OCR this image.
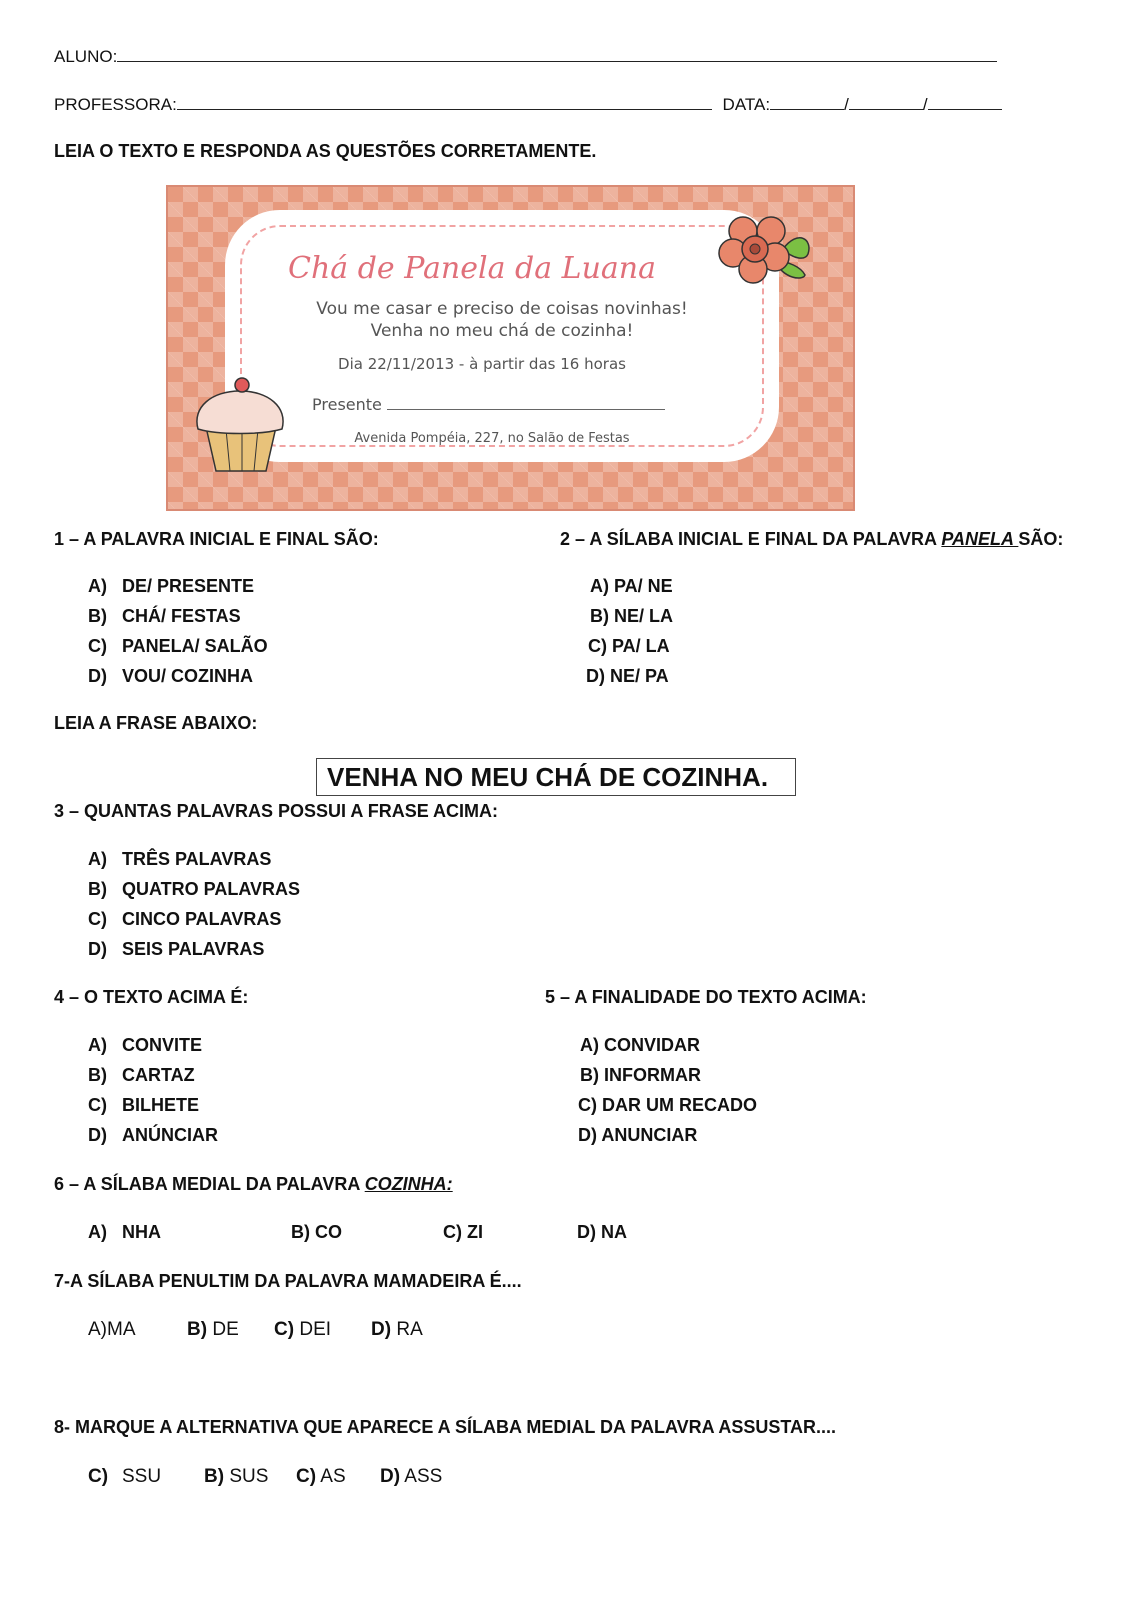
ALUNO:
PROFESSORA:	DATA:	/	/
LEIA O TEXTO E RESPONDA AS QUESTÕES CORRETAMENTE.
Chá de Panela da Luana
Vou me casar e preciso de coisas novinhas!
Venha no meu chá de cozinha!
Dia 22/11/2013 - à partir das 16 horas
Presente
Avenida Pompéia, 227, no Salão de Festas
1 – A PALAVRA INICIAL E FINAL SÃO:
A) DE/ PRESENTE
B) CHÁ/ FESTAS
C) PANELA/ SALÃO
D) VOU/ COZINHA
2 – A SÍLABA INICIAL E FINAL DA PALAVRA PANELA SÃO:
A) PA/ NE
B) NE/ LA
C) PA/ LA
D) NE/ PA
LEIA A FRASE ABAIXO:
VENHA NO MEU CHÁ DE COZINHA.
3 – QUANTAS PALAVRAS POSSUI A FRASE ACIMA:
A) TRÊS PALAVRAS
B) QUATRO PALAVRAS
C) CINCO PALAVRAS
D) SEIS PALAVRAS
4 – O TEXTO ACIMA É:
A) CONVITE
B) CARTAZ
C) BILHETE
D) ANÚNCIAR
5 – A FINALIDADE DO TEXTO ACIMA:
A) CONVIDAR
B) INFORMAR
C) DAR UM RECADO
D) ANUNCIAR
6 – A SÍLABA MEDIAL DA PALAVRA COZINHA:
A) NHA	B) CO	C) ZI	D) NA
7-A SÍLABA PENULTIM DA PALAVRA MAMADEIRA É....
A)MA	B) DE C) DEI D) RA
8- MARQUE A ALTERNATIVA QUE APARECE A SÍLABA MEDIAL DA PALAVRA ASSUSTAR....
C) SSU B) SUS C) AS D) ASS
